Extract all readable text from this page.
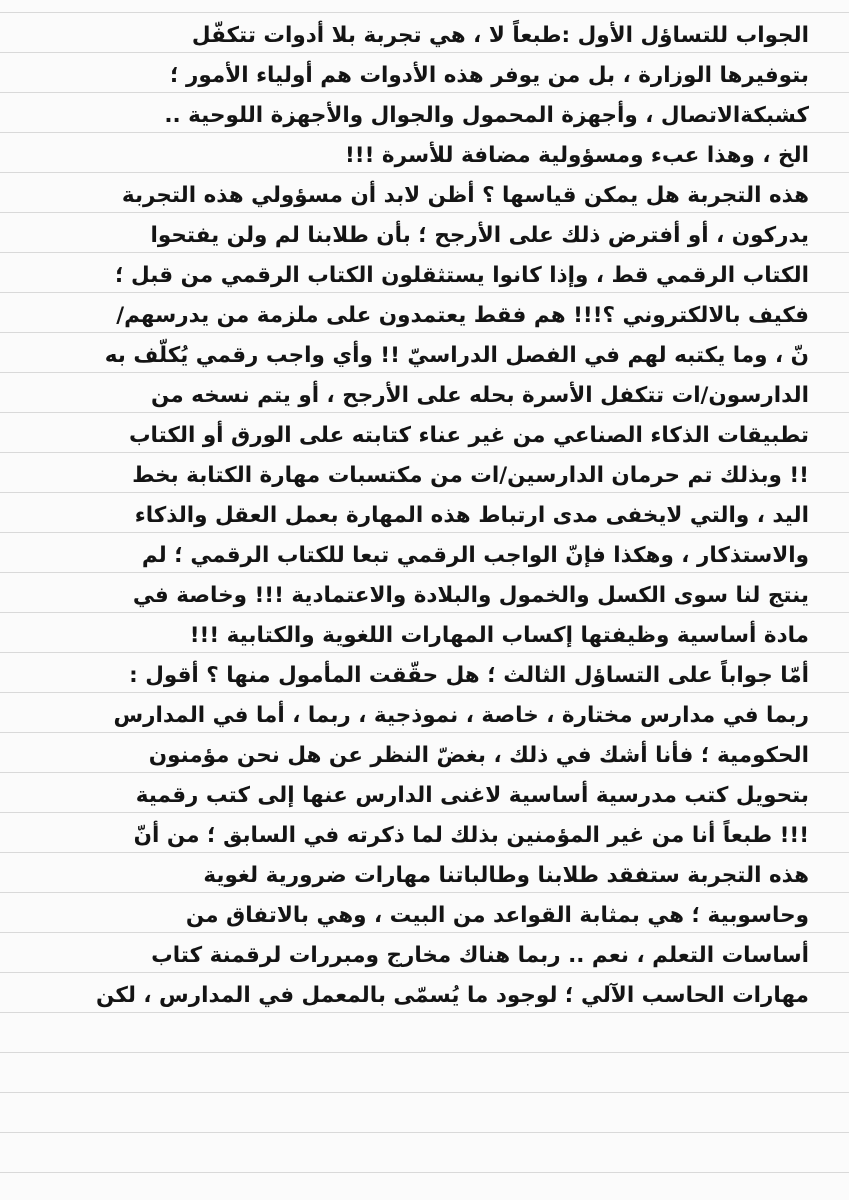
الجواب للتساؤل الأول :طبعاً لا ، هي تجربة بلا أدوات تتكفّل
بتوفيرها الوزارة ، بل من يوفر هذه الأدوات هم أولياء الأمور ؛
كشبكةالاتصال ، وأجهزة المحمول والجوال والأجهزة اللوحية ..
الخ ، وهذا عبء ومسؤولية مضافة للأسرة !!!
هذه التجربة هل يمكن قياسها ؟ أظن لابد أن مسؤولي هذه التجربة
يدركون ، أو أفترض ذلك على الأرجح ؛ بأن طلابنا لم ولن يفتحوا
الكتاب الرقمي قط ، وإذا كانوا يستثقلون الكتاب الرقمي من قبل ؛
فكيف بالالكتروني ؟!!! هم فقط يعتمدون على ملزمة من يدرسهم/
نّ ، وما يكتبه لهم في الفصل الدراسيّ !! وأي واجب رقمي يُكلّف به
الدارسون/ات تتكفل الأسرة بحله على الأرجح ، أو يتم نسخه من
تطبيقات الذكاء الصناعي من غير عناء كتابته على الورق أو الكتاب
!! وبذلك تم حرمان الدارسين/ات من مكتسبات مهارة الكتابة بخط
اليد ، والتي لايخفى مدى ارتباط هذه المهارة بعمل العقل والذكاء
والاستذكار ، وهكذا فإنّ الواجب الرقمي تبعا للكتاب الرقمي ؛ لم
ينتج لنا سوى الكسل والخمول والبلادة والاعتمادية !!! وخاصة في
مادة أساسية وظيفتها إكساب المهارات اللغوية والكتابية !!!
أمّا جواباً على التساؤل الثالث ؛ هل حقّقت المأمول منها ؟ أقول :
ربما في مدارس مختارة ، خاصة ، نموذجية ، ربما ، أما في المدارس
الحكومية ؛ فأنا أشك في ذلك ، بغضّ النظر عن هل نحن مؤمنون
بتحويل كتب مدرسية أساسية لاغنى الدارس عنها إلى كتب رقمية
!!! طبعاً أنا من غير المؤمنين بذلك لما ذكرته في السابق ؛ من أنّ
هذه التجربة ستفقد طلابنا وطالباتنا مهارات ضرورية لغوية
وحاسوبية ؛ هي بمثابة القواعد من البيت ، وهي بالاتفاق من
أساسات التعلم ، نعم .. ربما هناك مخارج ومبررات لرقمنة كتاب
مهارات الحاسب الآلي ؛ لوجود ما يُسمّى بالمعمل في المدارس ، لكن
